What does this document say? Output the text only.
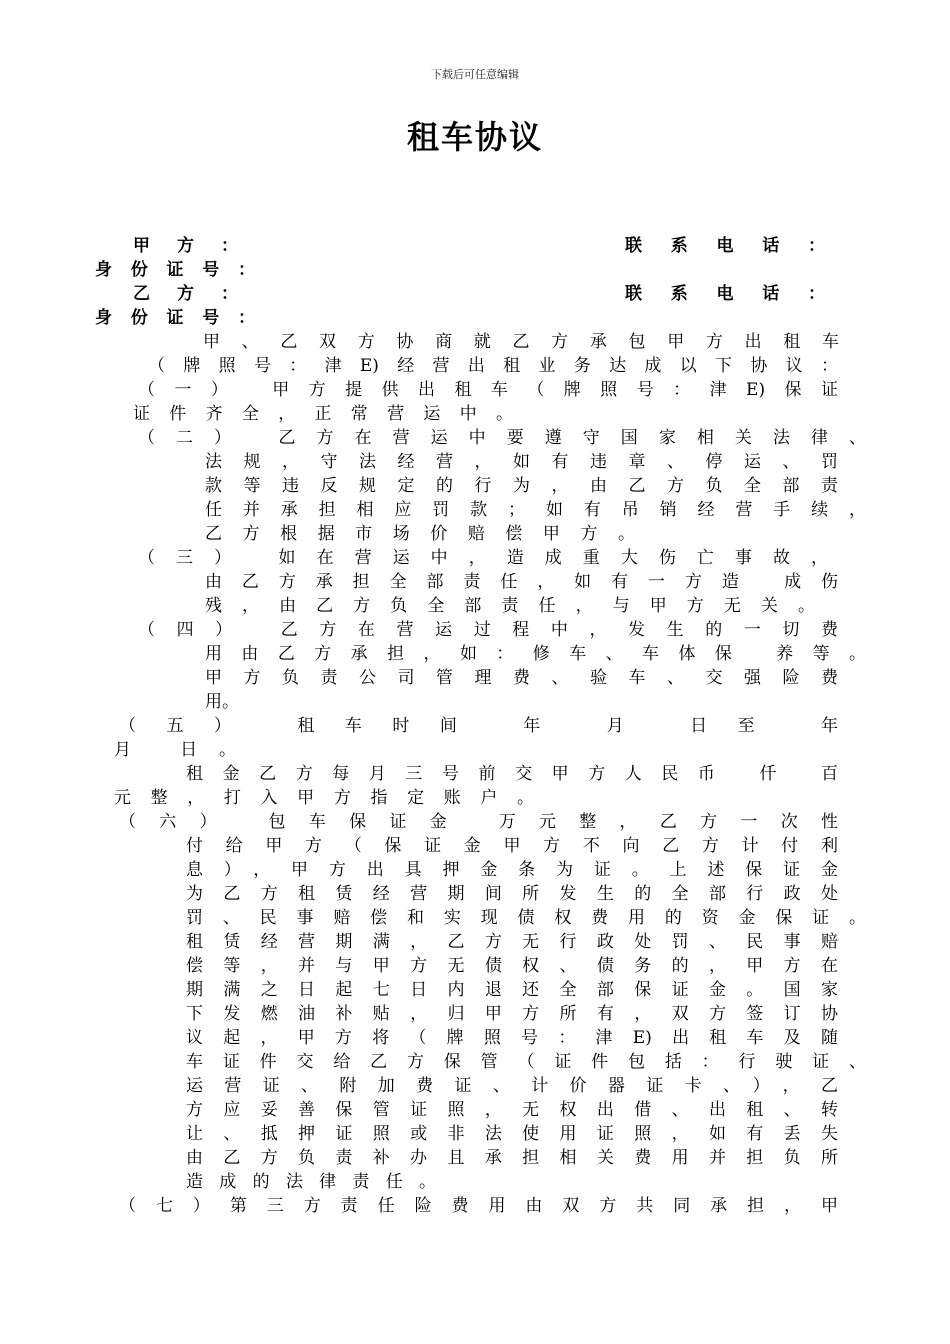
下载后可任意编辑
租车协议
甲方：	联系电话：
身份证号：
乙方：	联系电话：
身份证号：
甲、乙双方协商就乙方承包甲方出租车
（牌照号：津E)经营出租业务达成以下协议：
（一） 甲方提供出租车（牌照号：津E)保证
证件齐全，正常营运中。
（二） 乙方在营运中要遵守国家相关法律、
法规，守法经营，如有违章、停运、罚
款等违反规定的行为，由乙方负全部责
任并承担相应罚款；如有吊销经营手续，
乙方根据市场价赔偿甲方。
（三） 如在营运中，造成重大伤亡事故，
由乙方承担全部责任，如有一方造 成伤
残，由乙方负全部责任，与甲方无关。
（四） 乙方在营运过程中，发生的一切费
用由乙方承担，如：修车、车体保 养等。
甲方负责公司管理费、验车、交强险费
用。
（五） 租车时间 年 月 日至 年
月 日。
租金乙方每月三号前交甲方人民币 仟 百
元整，打入甲方指定账户。
（六） 包车保证金 万元整，乙方一次性
付给甲方（保证金甲方不向乙方计付利
息），甲方出具押金条为证。上述保证金
为乙方租赁经营期间所发生的全部行政处
罚、民事赔偿和实现债权费用的资金保证。
租赁经营期满，乙方无行政处罚、民事赔
偿等，并与甲方无债权、债务的，甲方在
期满之日起七日内退还全部保证金。国家
下发燃油补贴，归甲方所有，双方签订协
议起，甲方将（牌照号：津E)出租车及随
车证件交给乙方保管（证件包括：行驶证、
运营证、附加费证、计价器证卡、），乙
方应妥善保管证照，无权出借、出租、转
让、抵押证照或非法使用证照，如有丢失
由乙方负责补办且承担相关费用并担负所
造成的法律责任。
（七）第三方责任险费用由双方共同承担，甲
